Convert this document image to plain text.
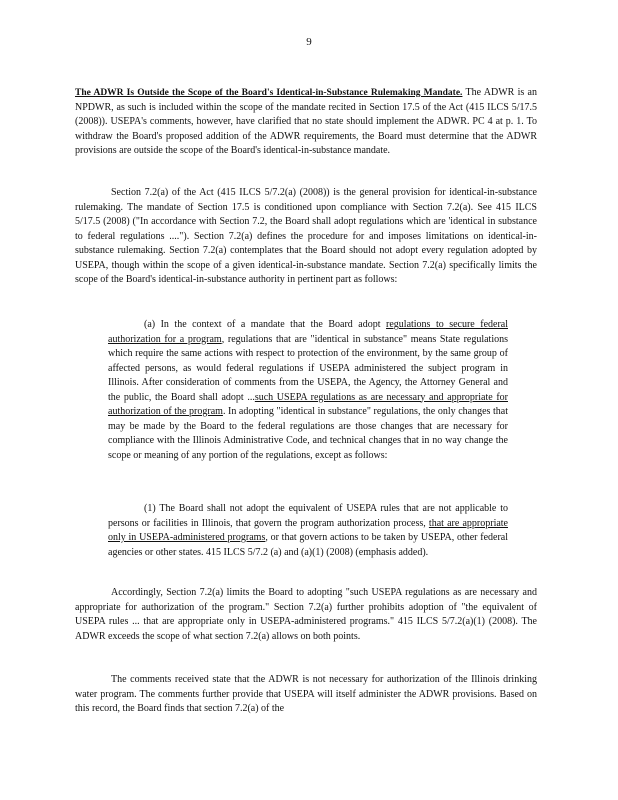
9

The ADWR Is Outside the Scope of the Board's Identical-in-Substance Rulemaking Mandate. The ADWR is an NPDWR, as such is included within the scope of the mandate recited in Section 17.5 of the Act (415 ILCS 5/17.5 (2008)). USEPA's comments, however, have clarified that no state should implement the ADWR. PC 4 at p. 1. To withdraw the Board's proposed addition of the ADWR requirements, the Board must determine that the ADWR provisions are outside the scope of the Board's identical-in-substance mandate.

Section 7.2(a) of the Act (415 ILCS 5/7.2(a) (2008)) is the general provision for identical-in-substance rulemaking. The mandate of Section 17.5 is conditioned upon compliance with Section 7.2(a). See 415 ILCS 5/17.5 (2008) ("In accordance with Section 7.2, the Board shall adopt regulations which are 'identical in substance to federal regulations ...."). Section 7.2(a) defines the procedure for and imposes limitations on identical-in-substance rulemaking. Section 7.2(a) contemplates that the Board should not adopt every regulation adopted by USEPA, though within the scope of a given identical-in-substance mandate. Section 7.2(a) specifically limits the scope of the Board's identical-in-substance authority in pertinent part as follows:

(a) In the context of a mandate that the Board adopt regulations to secure federal authorization for a program, regulations that are "identical in substance" means State regulations which require the same actions with respect to protection of the environment, by the same group of affected persons, as would federal regulations if USEPA administered the subject program in Illinois. After consideration of comments from the USEPA, the Agency, the Attorney General and the public, the Board shall adopt ...such USEPA regulations as are necessary and appropriate for authorization of the program. In adopting "identical in substance" regulations, the only changes that may be made by the Board to the federal regulations are those changes that are necessary for compliance with the Illinois Administrative Code, and technical changes that in no way change the scope or meaning of any portion of the regulations, except as follows:

(1) The Board shall not adopt the equivalent of USEPA rules that are not applicable to persons or facilities in Illinois, that govern the program authorization process, that are appropriate only in USEPA-administered programs, or that govern actions to be taken by USEPA, other federal agencies or other states. 415 ILCS 5/7.2 (a) and (a)(1) (2008) (emphasis added).

Accordingly, Section 7.2(a) limits the Board to adopting "such USEPA regulations as are necessary and appropriate for authorization of the program." Section 7.2(a) further prohibits adoption of "the equivalent of USEPA rules ... that are appropriate only in USEPA-administered programs." 415 ILCS 5/7.2(a)(1) (2008). The ADWR exceeds the scope of what section 7.2(a) allows on both points.

The comments received state that the ADWR is not necessary for authorization of the Illinois drinking water program. The comments further provide that USEPA will itself administer the ADWR provisions. Based on this record, the Board finds that section 7.2(a) of the
